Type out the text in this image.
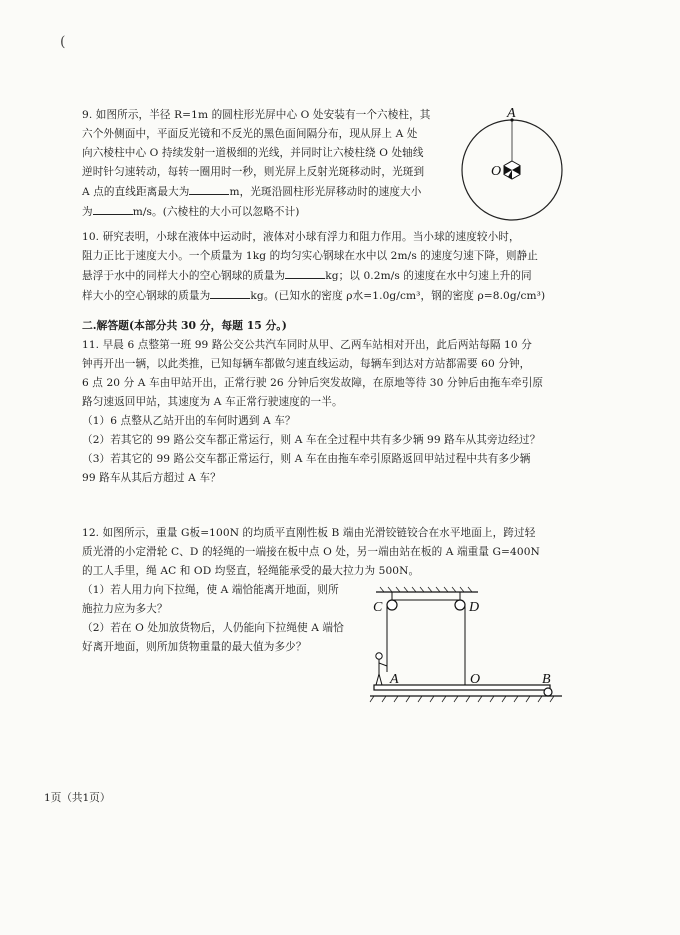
(

9. 如图所示，半径 R=1m 的圆柱形光屏中心 O 处安装有一个六棱柱，其

六个外侧面中，平面反光镜和不反光的黑色面间隔分布，现从屏上 A 处

向六棱柱中心 O 持续发射一道极细的光线，并同时让六棱柱绕 O 处轴线

逆时针匀速转动，每转一圈用时一秒，则光屏上反射光斑移动时，光斑到

A 点的直线距离最大为	m，光斑沿圆柱形光屏移动时的速度大小

为	m/s。(六棱柱的大小可以忽略不计)

A
O

10. 研究表明，小球在液体中运动时，液体对小球有浮力和阻力作用。当小球的速度较小时，

阻力正比于速度大小。一个质量为 1kg 的均匀实心钢球在水中以 2m/s 的速度匀速下降，则静止

悬浮于水中的同样大小的空心钢球的质量为	kg；以 0.2m/s 的速度在水中匀速上升的同

样大小的空心钢球的质量为	kg。(已知水的密度 ρ水=1.0g/cm³，钢的密度 ρ=8.0g/cm³)

二.解答题(本部分共 30 分，每题 15 分。)

11. 早晨 6 点整第一班 99 路公交公共汽车同时从甲、乙两车站相对开出，此后两站每隔 10 分

钟再开出一辆，以此类推，已知每辆车都做匀速直线运动，每辆车到达对方站都需要 60 分钟，

6 点 20 分 A 车由甲站开出，正常行驶 26 分钟后突发故障，在原地等待 30 分钟后由拖车牵引原

路匀速返回甲站，其速度为 A 车正常行驶速度的一半。

（1）6 点整从乙站开出的车何时遇到 A 车？

（2）若其它的 99 路公交车都正常运行，则 A 车在全过程中共有多少辆 99 路车从其旁边经过？

（3）若其它的 99 路公交车都正常运行，则 A 车在由拖车牵引原路返回甲站过程中共有多少辆

99 路车从其后方超过 A 车？

12. 如图所示，重量 G板=100N 的均质平直刚性板 B 端由光滑铰链铰合在水平地面上，跨过轻

质光滑的小定滑轮 C、D 的轻绳的一端接在板中点 O 处，另一端由站在板的 A 端重量 G=400N

的工人手里，绳 AC 和 OD 均竖直，轻绳能承受的最大拉力为 500N。

（1）若人用力向下拉绳，使 A 端恰能离开地面，则所

施拉力应为多大？

（2）若在 O 处加放货物后，人仍能向下拉绳使 A 端恰

好离开地面，则所加货物重量的最大值为多少？

C	D
A	O	B
1页（共1页）
